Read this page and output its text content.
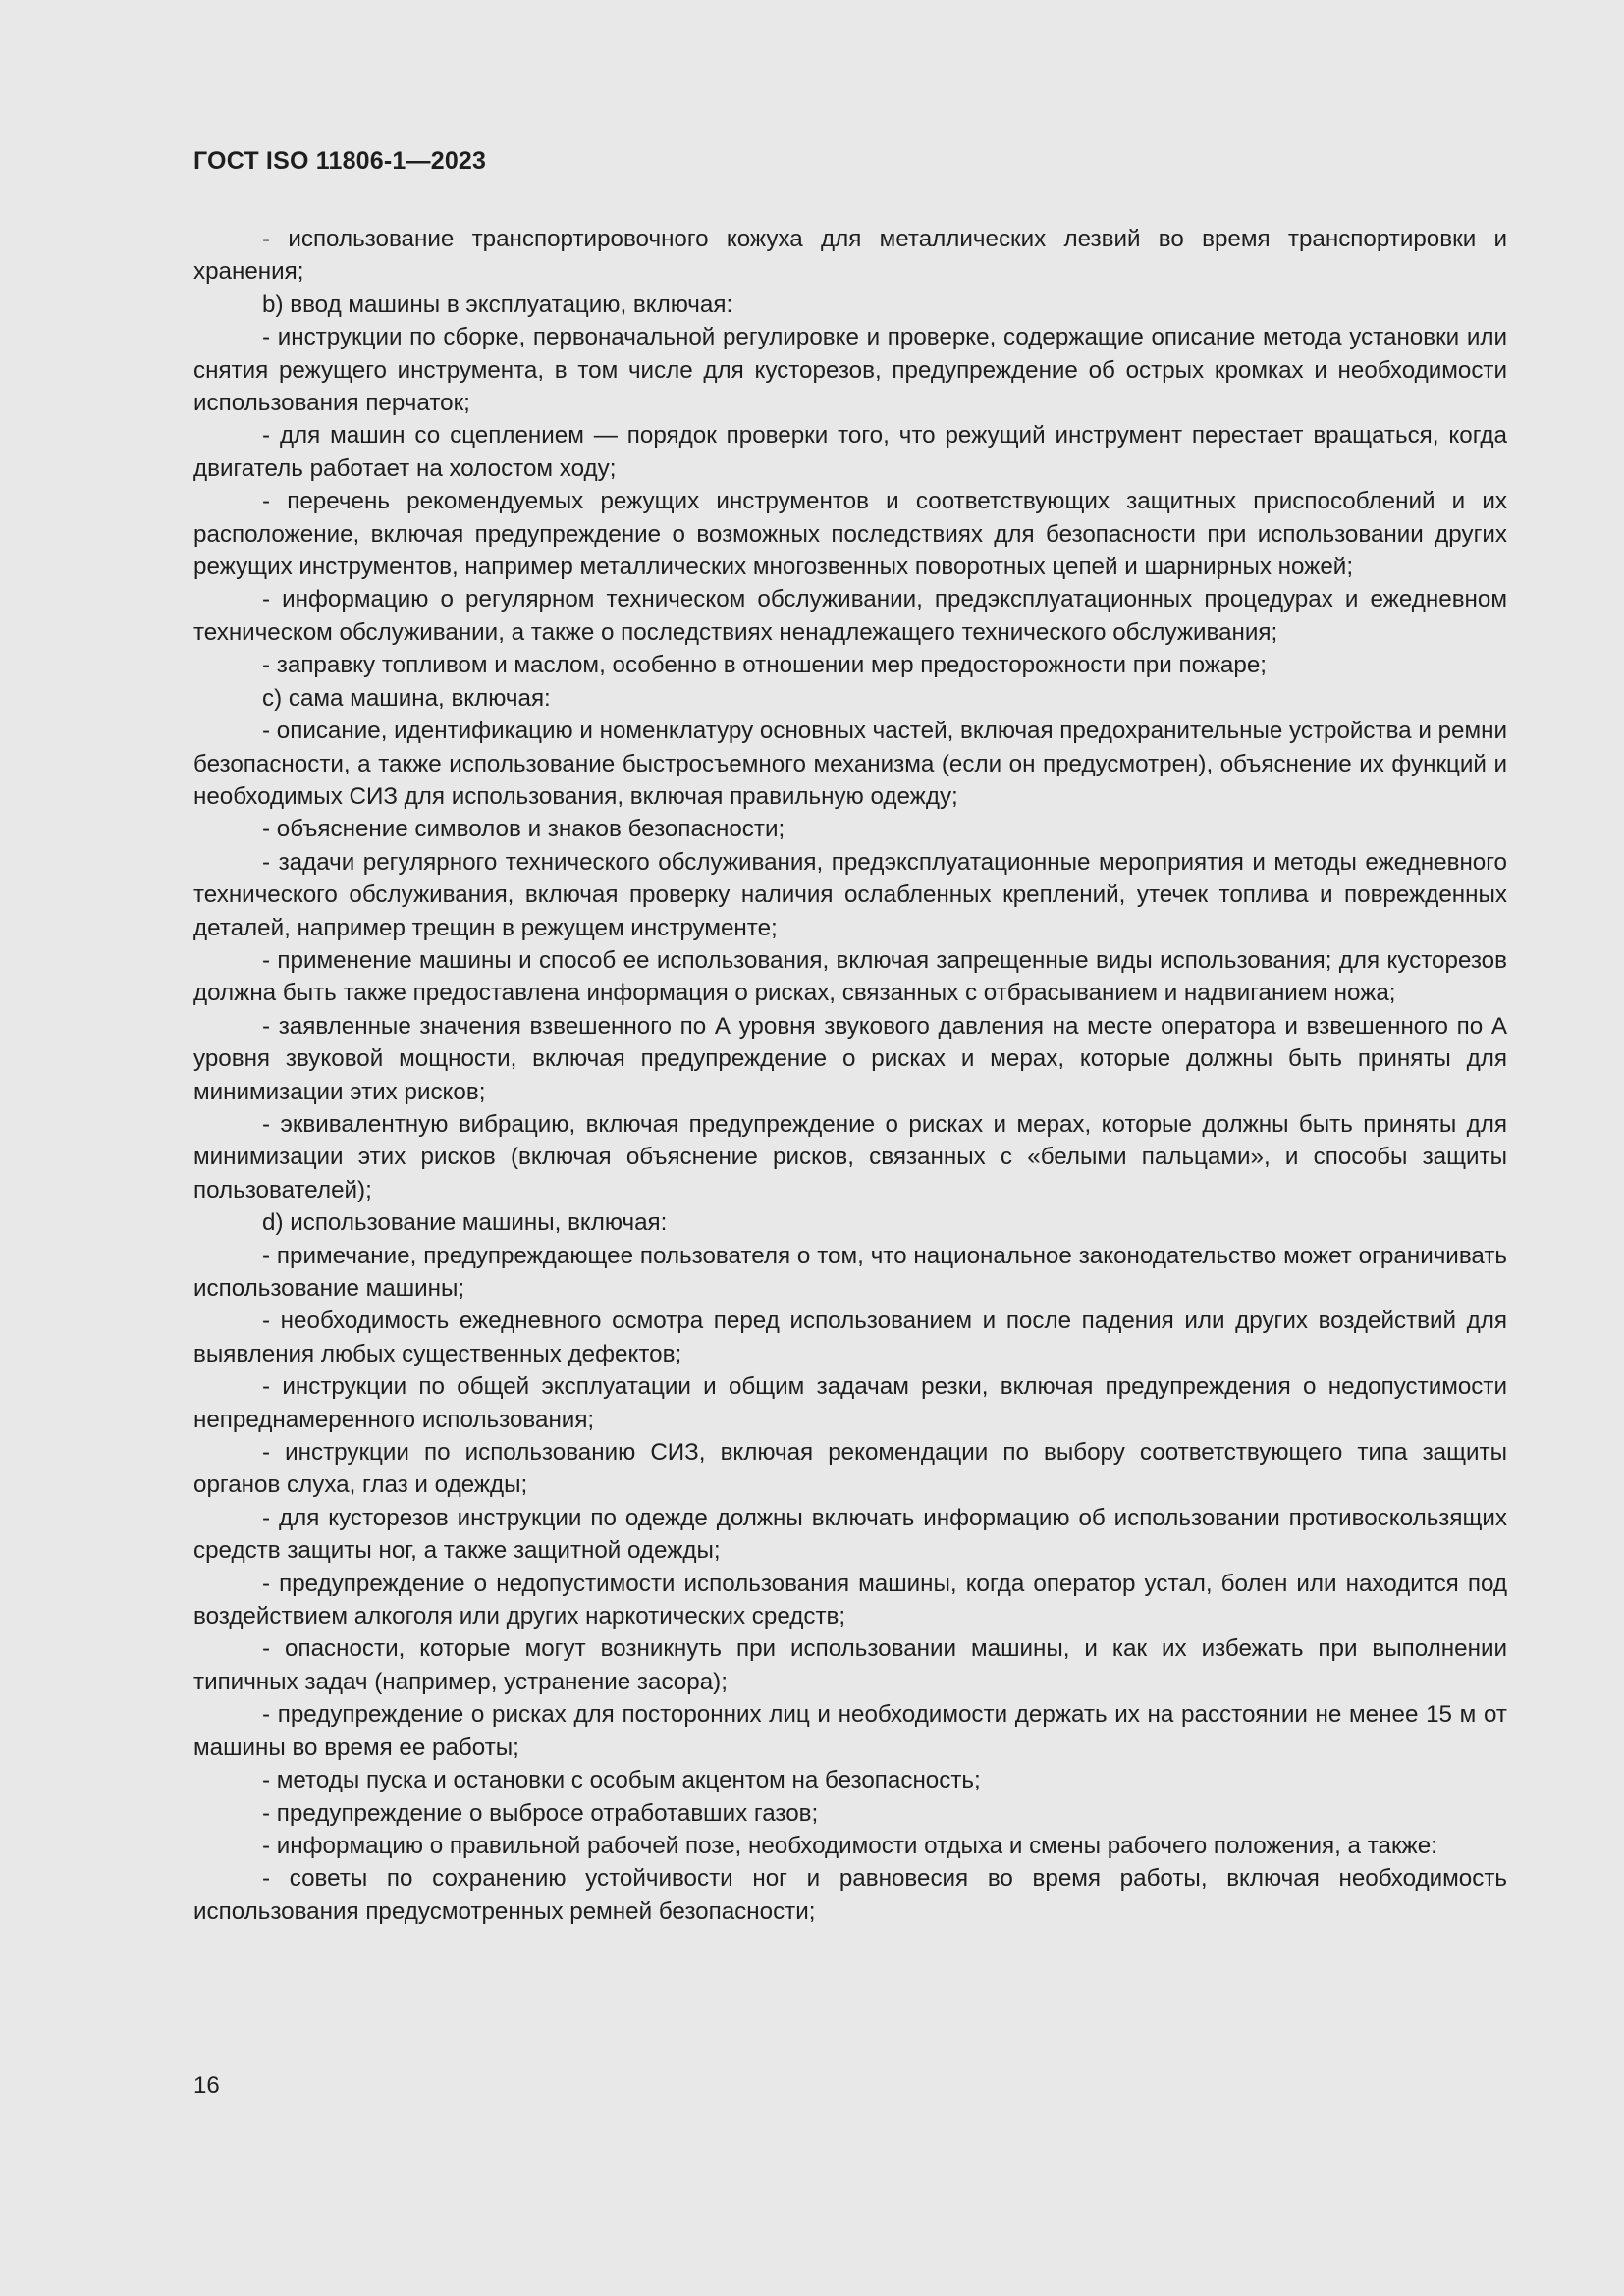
ГОСТ ISO 11806-1—2023

- использование транспортировочного кожуха для металлических лезвий во время транспортировки и хранения;

b) ввод машины в эксплуатацию, включая:

- инструкции по сборке, первоначальной регулировке и проверке, содержащие описание метода установки или снятия режущего инструмента, в том числе для кусторезов, предупреждение об острых кромках и необходимости использования перчаток;

- для машин со сцеплением — порядок проверки того, что режущий инструмент перестает вращаться, когда двигатель работает на холостом ходу;

- перечень рекомендуемых режущих инструментов и соответствующих защитных приспособлений и их расположение, включая предупреждение о возможных последствиях для безопасности при использовании других режущих инструментов, например металлических многозвенных поворотных цепей и шарнирных ножей;

- информацию о регулярном техническом обслуживании, предэксплуатационных процедурах и ежедневном техническом обслуживании, а также о последствиях ненадлежащего технического обслуживания;

- заправку топливом и маслом, особенно в отношении мер предосторожности при пожаре;

c) сама машина, включая:

- описание, идентификацию и номенклатуру основных частей, включая предохранительные устройства и ремни безопасности, а также использование быстросъемного механизма (если он предусмотрен), объяснение их функций и необходимых СИЗ для использования, включая правильную одежду;

- объяснение символов и знаков безопасности;

- задачи регулярного технического обслуживания, предэксплуатационные мероприятия и методы ежедневного технического обслуживания, включая проверку наличия ослабленных креплений, утечек топлива и поврежденных деталей, например трещин в режущем инструменте;

- применение машины и способ ее использования, включая запрещенные виды использования; для кусторезов должна быть также предоставлена информация о рисках, связанных с отбрасыванием и надвиганием ножа;

- заявленные значения взвешенного по А уровня звукового давления на месте оператора и взвешенного по А уровня звуковой мощности, включая предупреждение о рисках и мерах, которые должны быть приняты для минимизации этих рисков;

- эквивалентную вибрацию, включая предупреждение о рисках и мерах, которые должны быть приняты для минимизации этих рисков (включая объяснение рисков, связанных с «белыми пальцами», и способы защиты пользователей);

d) использование машины, включая:

- примечание, предупреждающее пользователя о том, что национальное законодательство может ограничивать использование машины;

- необходимость ежедневного осмотра перед использованием и после падения или других воздействий для выявления любых существенных дефектов;

- инструкции по общей эксплуатации и общим задачам резки, включая предупреждения о недопустимости непреднамеренного использования;

- инструкции по использованию СИЗ, включая рекомендации по выбору соответствующего типа защиты органов слуха, глаз и одежды;

- для кусторезов инструкции по одежде должны включать информацию об использовании противоскользящих средств защиты ног, а также защитной одежды;

- предупреждение о недопустимости использования машины, когда оператор устал, болен или находится под воздействием алкоголя или других наркотических средств;

- опасности, которые могут возникнуть при использовании машины, и как их избежать при выполнении типичных задач (например, устранение засора);

- предупреждение о рисках для посторонних лиц и необходимости держать их на расстоянии не менее 15 м от машины во время ее работы;

- методы пуска и остановки с особым акцентом на безопасность;

- предупреждение о выбросе отработавших газов;

- информацию о правильной рабочей позе, необходимости отдыха и смены рабочего положения, а также:

- советы по сохранению устойчивости ног и равновесия во время работы, включая необходимость использования предусмотренных ремней безопасности;

16
